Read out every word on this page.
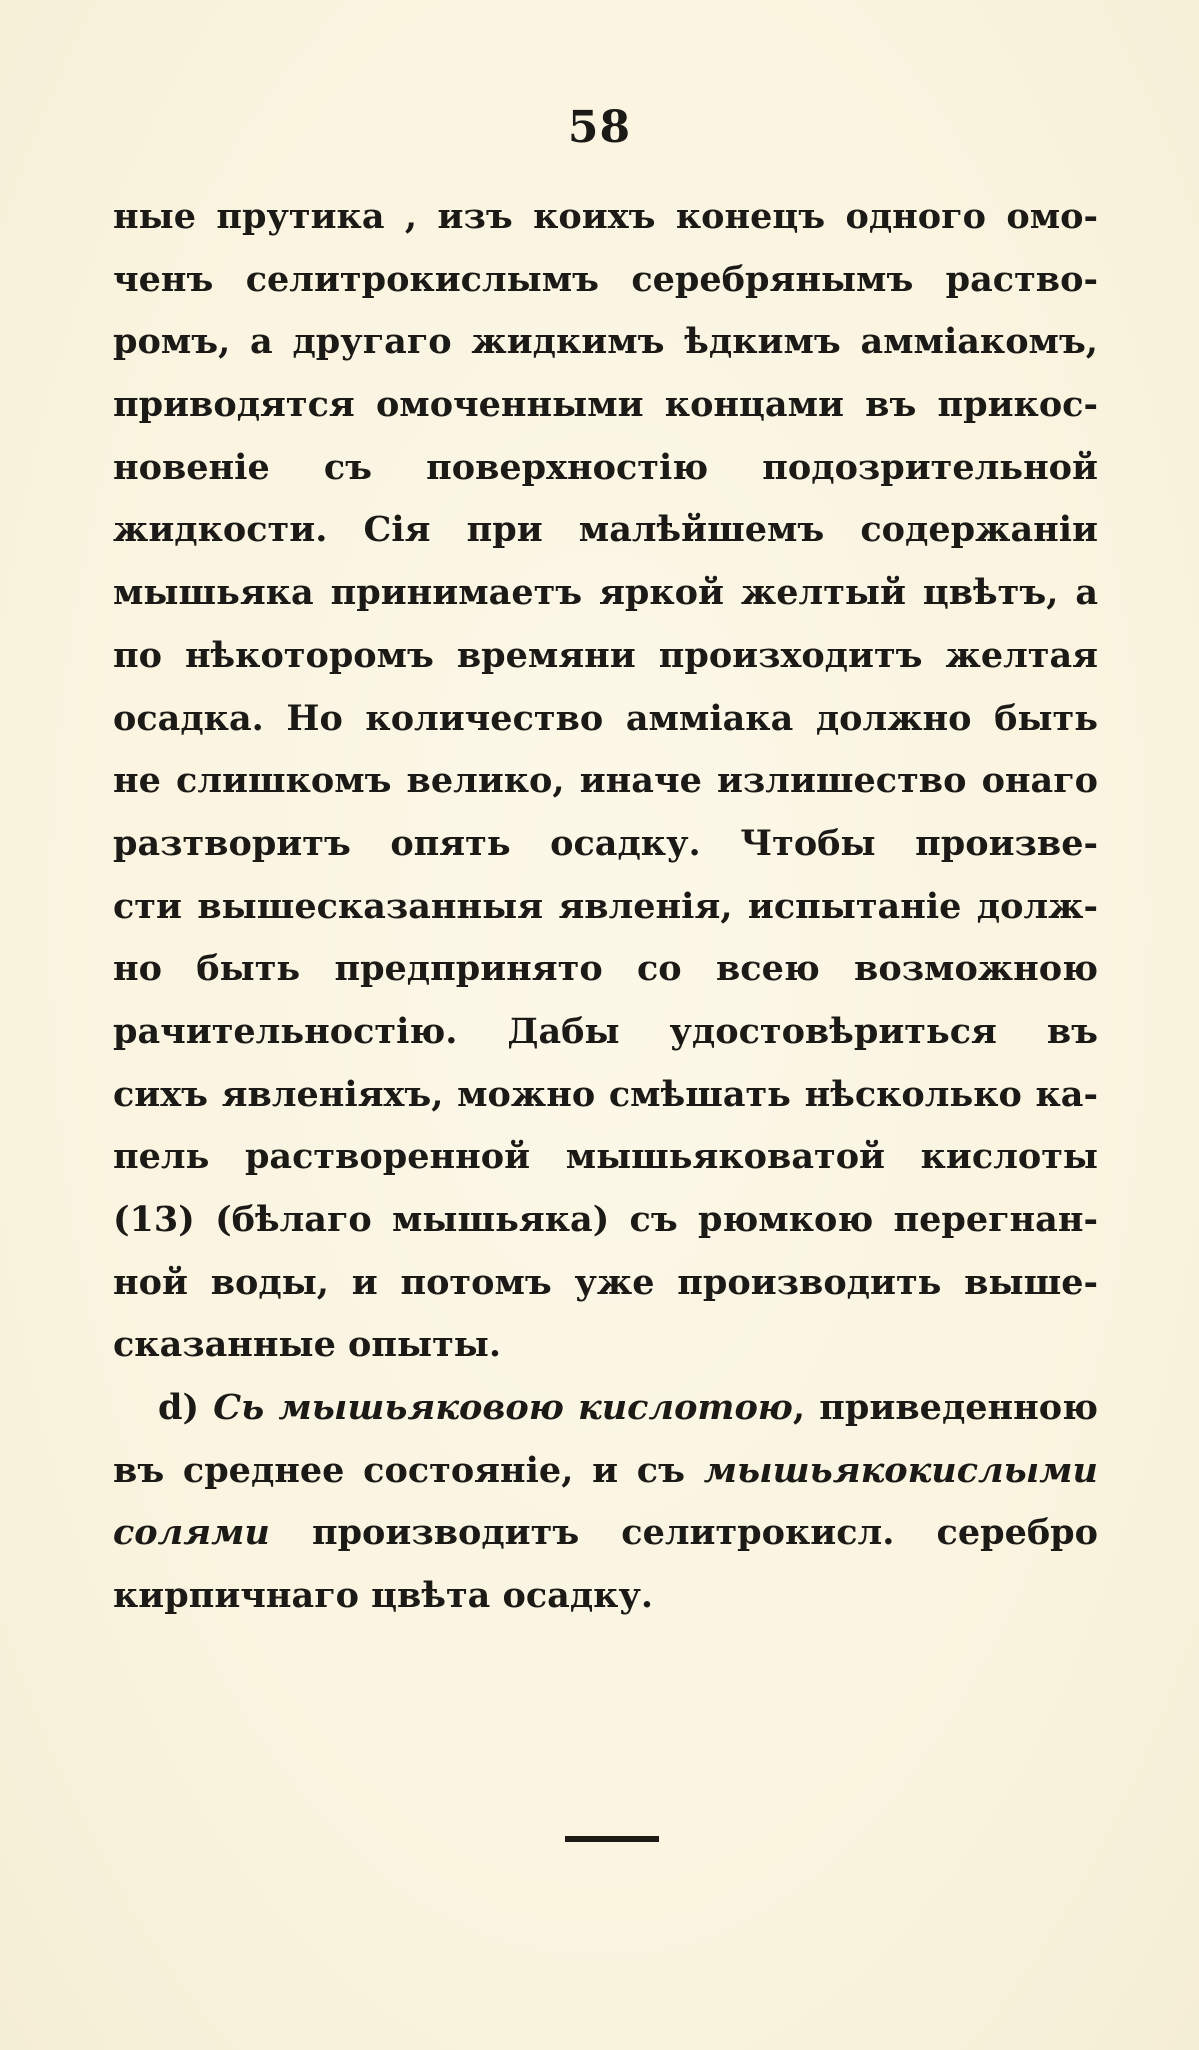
58
ные прутика , изъ коихъ конецъ одного омо-
ченъ селитрокислымъ серебрянымъ раство-
ромъ, а другаго жидкимъ ѣдкимъ амміакомъ,
приводятся омоченными концами въ прикос-
новеніе съ поверхностію подозрительной
жидкости. Сія при малѣйшемъ содержаніи
мышьяка принимаетъ яркой желтый цвѣтъ, а
по нѣкоторомъ времяни произходитъ желтая
осадка. Но количество амміака должно быть
не слишкомъ велико, иначе излишество онаго
разтворитъ опять осадку. Чтобы произве-
сти вышесказанныя явленія, испытаніе долж-
но быть предпринято со всею возможною
рачительностію. Дабы удостовѣриться въ
сихъ явленіяхъ, можно смѣшать нѣсколько ка-
пель растворенной мышьяковатой кислоты
(13) (бѣлаго мышьяка) съ рюмкою перегнан-
ной воды, и потомъ уже производить выше-
сказанные опыты.
d) Сь мышьяковою кислотою, приведенною
въ среднее состояніе, и съ мышьякокислыми
солями производитъ селитрокисл. серебро
кирпичнаго цвѣта осадку.
